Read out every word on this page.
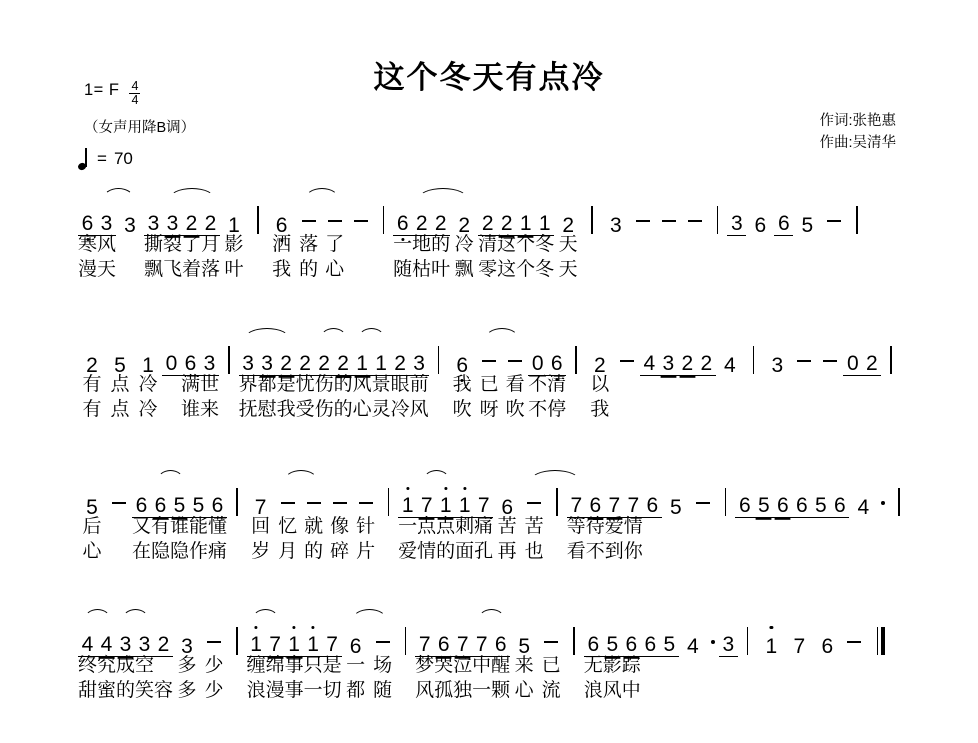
这个冬天有点冷
1= F $\frac{4}{4}$
（女声用降B调）
= 70
作词:张艳惠
作曲:吴清华
6 3 3 3 3 2 2 1 6	6 2 2 2 2 2 1 1 2 3	3 6 6 5
寒 风 撕 裂 了 月 影 洒 落 了	一 地 的 冷 清 这 个 冬 天
漫 天 飘 飞 着 落 叶 我 的 心	随 枯 叶 飘 零 这 个 冬 天
2 5 1 0 6 3 3 3 2 2 2 2 1 1 2 3 6	0 6 2 4 3 2 2 4 3	0 2
有 点 冷 满 世 界 都 是 忧 伤 的 风 景 眼 前 我 已 看 不 清 以
有 点 冷 谁 来 抚 慰 我 受 伤 的 心 灵 冷 风 吹 呀 吹 不 停 我
5 6 6 5 5 6 7	1 7 1 1 7 6	7 6 7 7 6 5	6 5 6 6 5 6 4
后 又 有 谁 能 懂 回 忆 就 像 针 一 点 点 刺 痛 苦 苦 等 待 爱 情
心 在 隐 隐 作 痛 岁 月 的 碎 片 爱 情 的 面 孔 再 也 看 不 到 你
4 4 3 3 2 3	1 7 1 1 7 6	7 6 7 7 6 5	6 5 6 6 5 4 3 1 7 6
终 究 成 空 多 少 缠 绵 事 只 是 一 场 梦 哭 泣 中 醒 来 已 无 影 踪
甜 蜜 的 笑 容 多 少 浪 漫 事 一 切 都 随 风 孤 独 一 颗 心 流 浪 风 中
